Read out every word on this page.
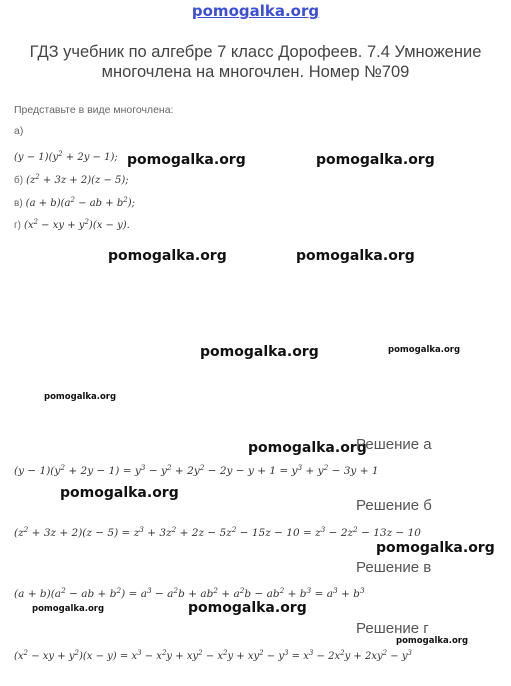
pomogalka.org
ГДЗ учебник по алгебре 7 класс Дорофеев. 7.4 Умножение многочлена на многочлен. Номер №709
Представьте в виде многочлена:
а)
$(y - 1)(y^2 + 2y - 1)$;
б) $(z^2 + 3z + 2)(z - 5)$;
в) $(a + b)(a^2$ − ab + $b^2$);
г) ($x^2$ − xy + $y^2)(x - y)$.
pomogalka.org	pomogalka.org
pomogalka.org	pomogalka.org
pomogalka.org	pomogalka.org
pomogalka.org
pomogalka.org
pomogalka.org
pomogalka.org
pomogalka.org	pomogalka.org
pomogalka.org
Решение а
$(y - 1)(y^2 + 2y - 1) = y^3 - y^2 + 2y^2 - 2y - y + 1 = y^3 + y^2 - 3y + 1$
Решение б
$(z^2 + 3z + 2)(z - 5) = z^3 + 3z^2 + 2z - 5z^2 - 15z - 10 = z^3 - 2z^2 - 13z - 10$
Решение в
$(a + b)(a^2$ − ab + $b^2) = a^3 - a^2b + ab^2 + a^2b - ab^2 + b^3 = a^3 + b^3$
Решение г
($x^2$ − xy + $y^2)(x - y) = x^3 - x^2y + xy^2 - x^2y + xy^2 - y^3 = x^3 - 2x^2y + 2xy^2 - y^3$
